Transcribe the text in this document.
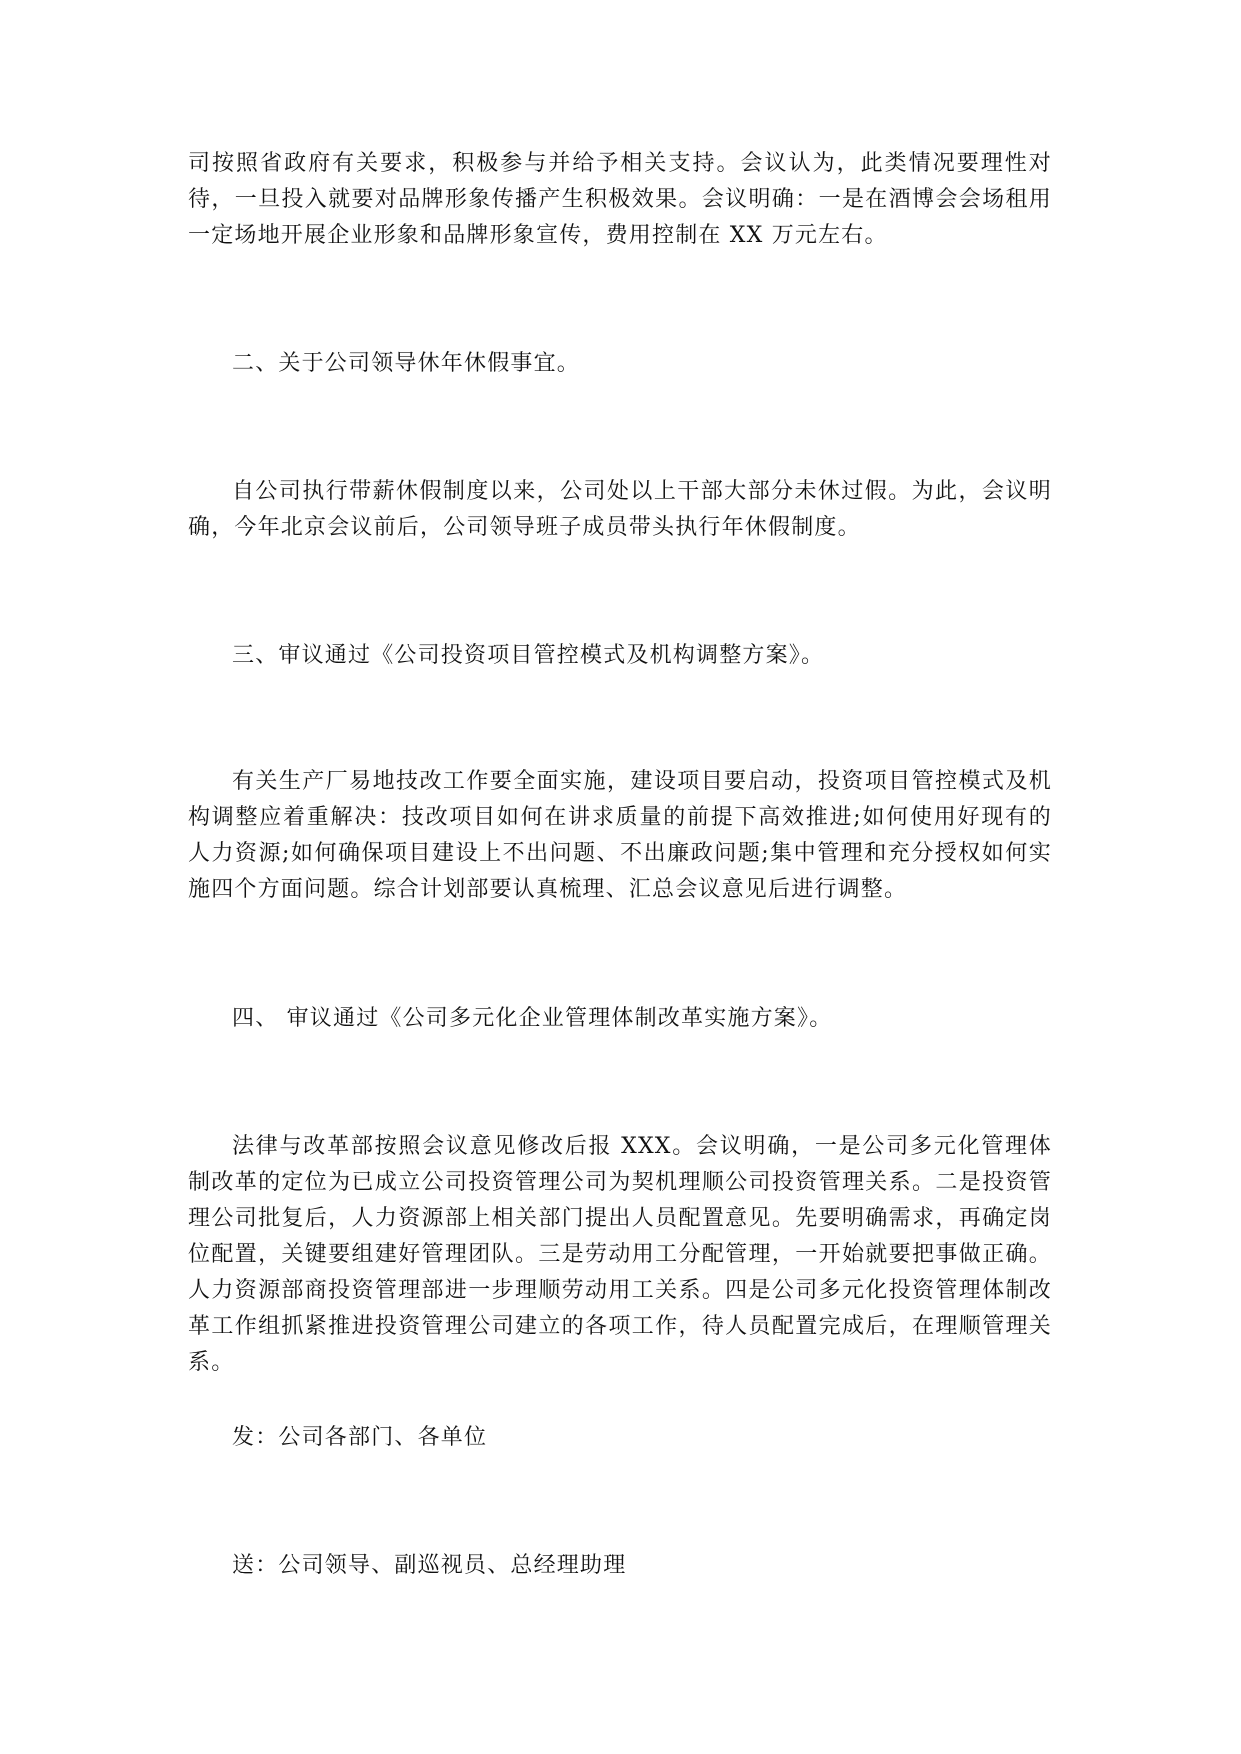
司按照省政府有关要求，积极参与并给予相关支持。会议认为，此类情况要理性对待，一旦投入就要对品牌形象传播产生积极效果。会议明确：一是在酒博会会场租用一定场地开展企业形象和品牌形象宣传，费用控制在 XX 万元左右。

二、关于公司领导休年休假事宜。

自公司执行带薪休假制度以来，公司处以上干部大部分未休过假。为此，会议明确，今年北京会议前后，公司领导班子成员带头执行年休假制度。

三、审议通过《公司投资项目管控模式及机构调整方案》。

有关生产厂易地技改工作要全面实施，建设项目要启动，投资项目管控模式及机构调整应着重解决：技改项目如何在讲求质量的前提下高效推进;如何使用好现有的人力资源;如何确保项目建设上不出问题、不出廉政问题;集中管理和充分授权如何实施四个方面问题。综合计划部要认真梳理、汇总会议意见后进行调整。

四、 审议通过《公司多元化企业管理体制改革实施方案》。

法律与改革部按照会议意见修改后报 XXX。会议明确，一是公司多元化管理体制改革的定位为已成立公司投资管理公司为契机理顺公司投资管理关系。二是投资管理公司批复后，人力资源部上相关部门提出人员配置意见。先要明确需求，再确定岗位配置，关键要组建好管理团队。三是劳动用工分配管理，一开始就要把事做正确。人力资源部商投资管理部进一步理顺劳动用工关系。四是公司多元化投资管理体制改革工作组抓紧推进投资管理公司建立的各项工作，待人员配置完成后，在理顺管理关系。

发：公司各部门、各单位

送：公司领导、副巡视员、总经理助理
